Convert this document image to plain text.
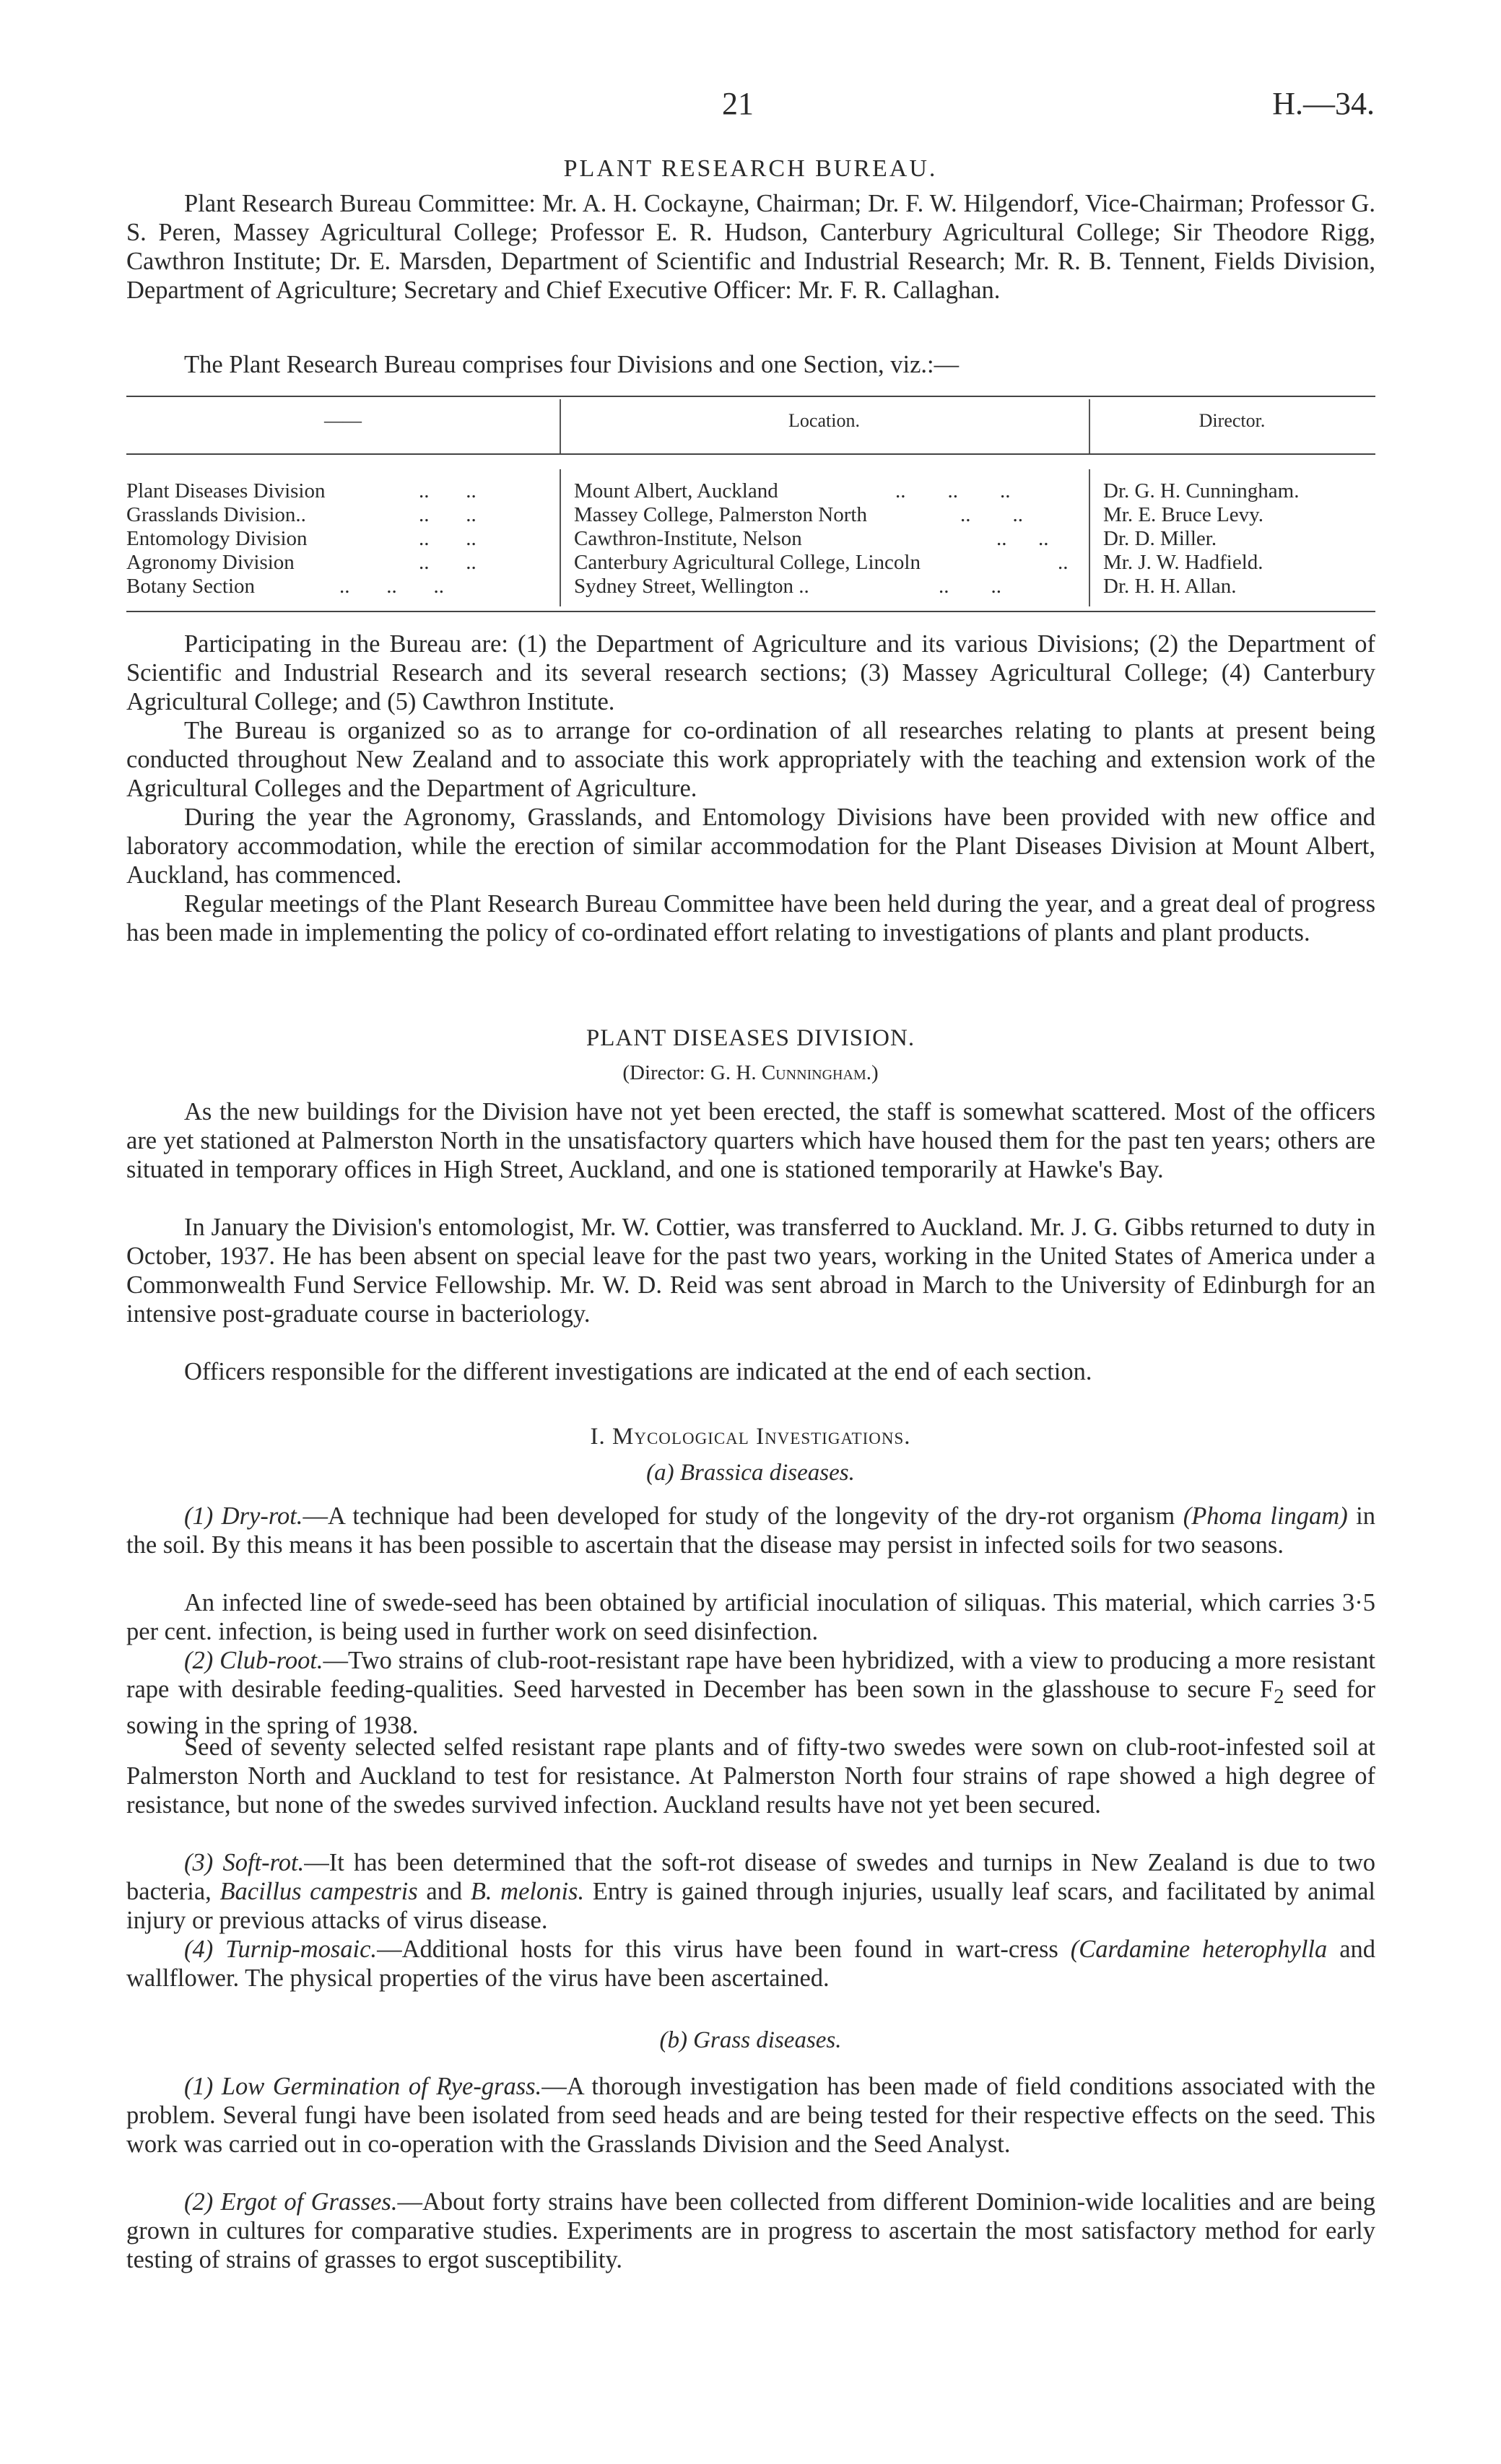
21	H.—34.
PLANT RESEARCH BUREAU.

Plant Research Bureau Committee: Mr. A. H. Cockayne, Chairman; Dr. F. W. Hilgendorf, Vice-Chairman; Professor G. S. Peren, Massey Agricultural College; Professor E. R. Hudson, Canterbury Agricultural College; Sir Theodore Rigg, Cawthron Institute; Dr. E. Marsden, Department of Scientific and Industrial Research; Mr. R. B. Tennent, Fields Division, Department of Agriculture; Secretary and Chief Executive Officer: Mr. F. R. Callaghan.

The Plant Research Bureau comprises four Divisions and one Section, viz.:—

——	Location.	Director.
Plant Diseases Division	..       ..	Mount Albert, Auckland	..        ..        ..	Dr. G. H. Cunningham.
Grasslands Division..	..       ..	Massey College, Palmerston North	..        ..	Mr. E. Bruce Levy.
Entomology Division	..       ..	Cawthron-Institute, Nelson	..      ..	Dr. D. Miller.
Agronomy Division	..       ..	Canterbury Agricultural College, Lincoln	.. Mr. J. W. Hadfield.
Botany Section	..       ..       ..	Sydney Street, Wellington ..	..        ..	Dr. H. H. Allan.

Participating in the Bureau are: (1) the Department of Agriculture and its various Divisions; (2) the Department of Scientific and Industrial Research and its several research sections; (3) Massey Agricultural College; (4) Canterbury Agricultural College; and (5) Cawthron Institute.

The Bureau is organized so as to arrange for co-ordination of all researches relating to plants at present being conducted throughout New Zealand and to associate this work appropriately with the teaching and extension work of the Agricultural Colleges and the Department of Agriculture.

During the year the Agronomy, Grasslands, and Entomology Divisions have been provided with new office and laboratory accommodation, while the erection of similar accommodation for the Plant Diseases Division at Mount Albert, Auckland, has commenced.

Regular meetings of the Plant Research Bureau Committee have been held during the year, and a great deal of progress has been made in implementing the policy of co-ordinated effort relating to investigations of plants and plant products.

PLANT DISEASES DIVISION.
(Director: G. H. Cunningham.)

As the new buildings for the Division have not yet been erected, the staff is somewhat scattered. Most of the officers are yet stationed at Palmerston North in the unsatisfactory quarters which have housed them for the past ten years; others are situated in temporary offices in High Street, Auckland, and one is stationed temporarily at Hawke's Bay.

In January the Division's entomologist, Mr. W. Cottier, was transferred to Auckland. Mr. J. G. Gibbs returned to duty in October, 1937. He has been absent on special leave for the past two years, working in the United States of America under a Commonwealth Fund Service Fellowship. Mr. W. D. Reid was sent abroad in March to the University of Edinburgh for an intensive post-graduate course in bacteriology.

Officers responsible for the different investigations are indicated at the end of each section.

I. Mycological Investigations.
(a) Brassica diseases.

(1) Dry-rot.—A technique had been developed for study of the longevity of the dry-rot organism (Phoma lingam) in the soil. By this means it has been possible to ascertain that the disease may persist in infected soils for two seasons.

An infected line of swede-seed has been obtained by artificial inoculation of siliquas. This material, which carries 3·5 per cent. infection, is being used in further work on seed disinfection.

(2) Club-root.—Two strains of club-root-resistant rape have been hybridized, with a view to producing a more resistant rape with desirable feeding-qualities. Seed harvested in December has been sown in the glasshouse to secure $F_2$ seed for sowing in the spring of 1938.

Seed of seventy selected selfed resistant rape plants and of fifty-two swedes were sown on club-root-infested soil at Palmerston North and Auckland to test for resistance. At Palmerston North four strains of rape showed a high degree of resistance, but none of the swedes survived infection. Auckland results have not yet been secured.

(3) Soft-rot.—It has been determined that the soft-rot disease of swedes and turnips in New Zealand is due to two bacteria, Bacillus campestris and B. melonis. Entry is gained through injuries, usually leaf scars, and facilitated by animal injury or previous attacks of virus disease.

(4) Turnip-mosaic.—Additional hosts for this virus have been found in wart-cress (Cardamine heterophylla and wallflower. The physical properties of the virus have been ascertained.

(b) Grass diseases.

(1) Low Germination of Rye-grass.—A thorough investigation has been made of field conditions associated with the problem. Several fungi have been isolated from seed heads and are being tested for their respective effects on the seed. This work was carried out in co-operation with the Grasslands Division and the Seed Analyst.

(2) Ergot of Grasses.—About forty strains have been collected from different Dominion-wide localities and are being grown in cultures for comparative studies. Experiments are in progress to ascertain the most satisfactory method for early testing of strains of grasses to ergot susceptibility.
